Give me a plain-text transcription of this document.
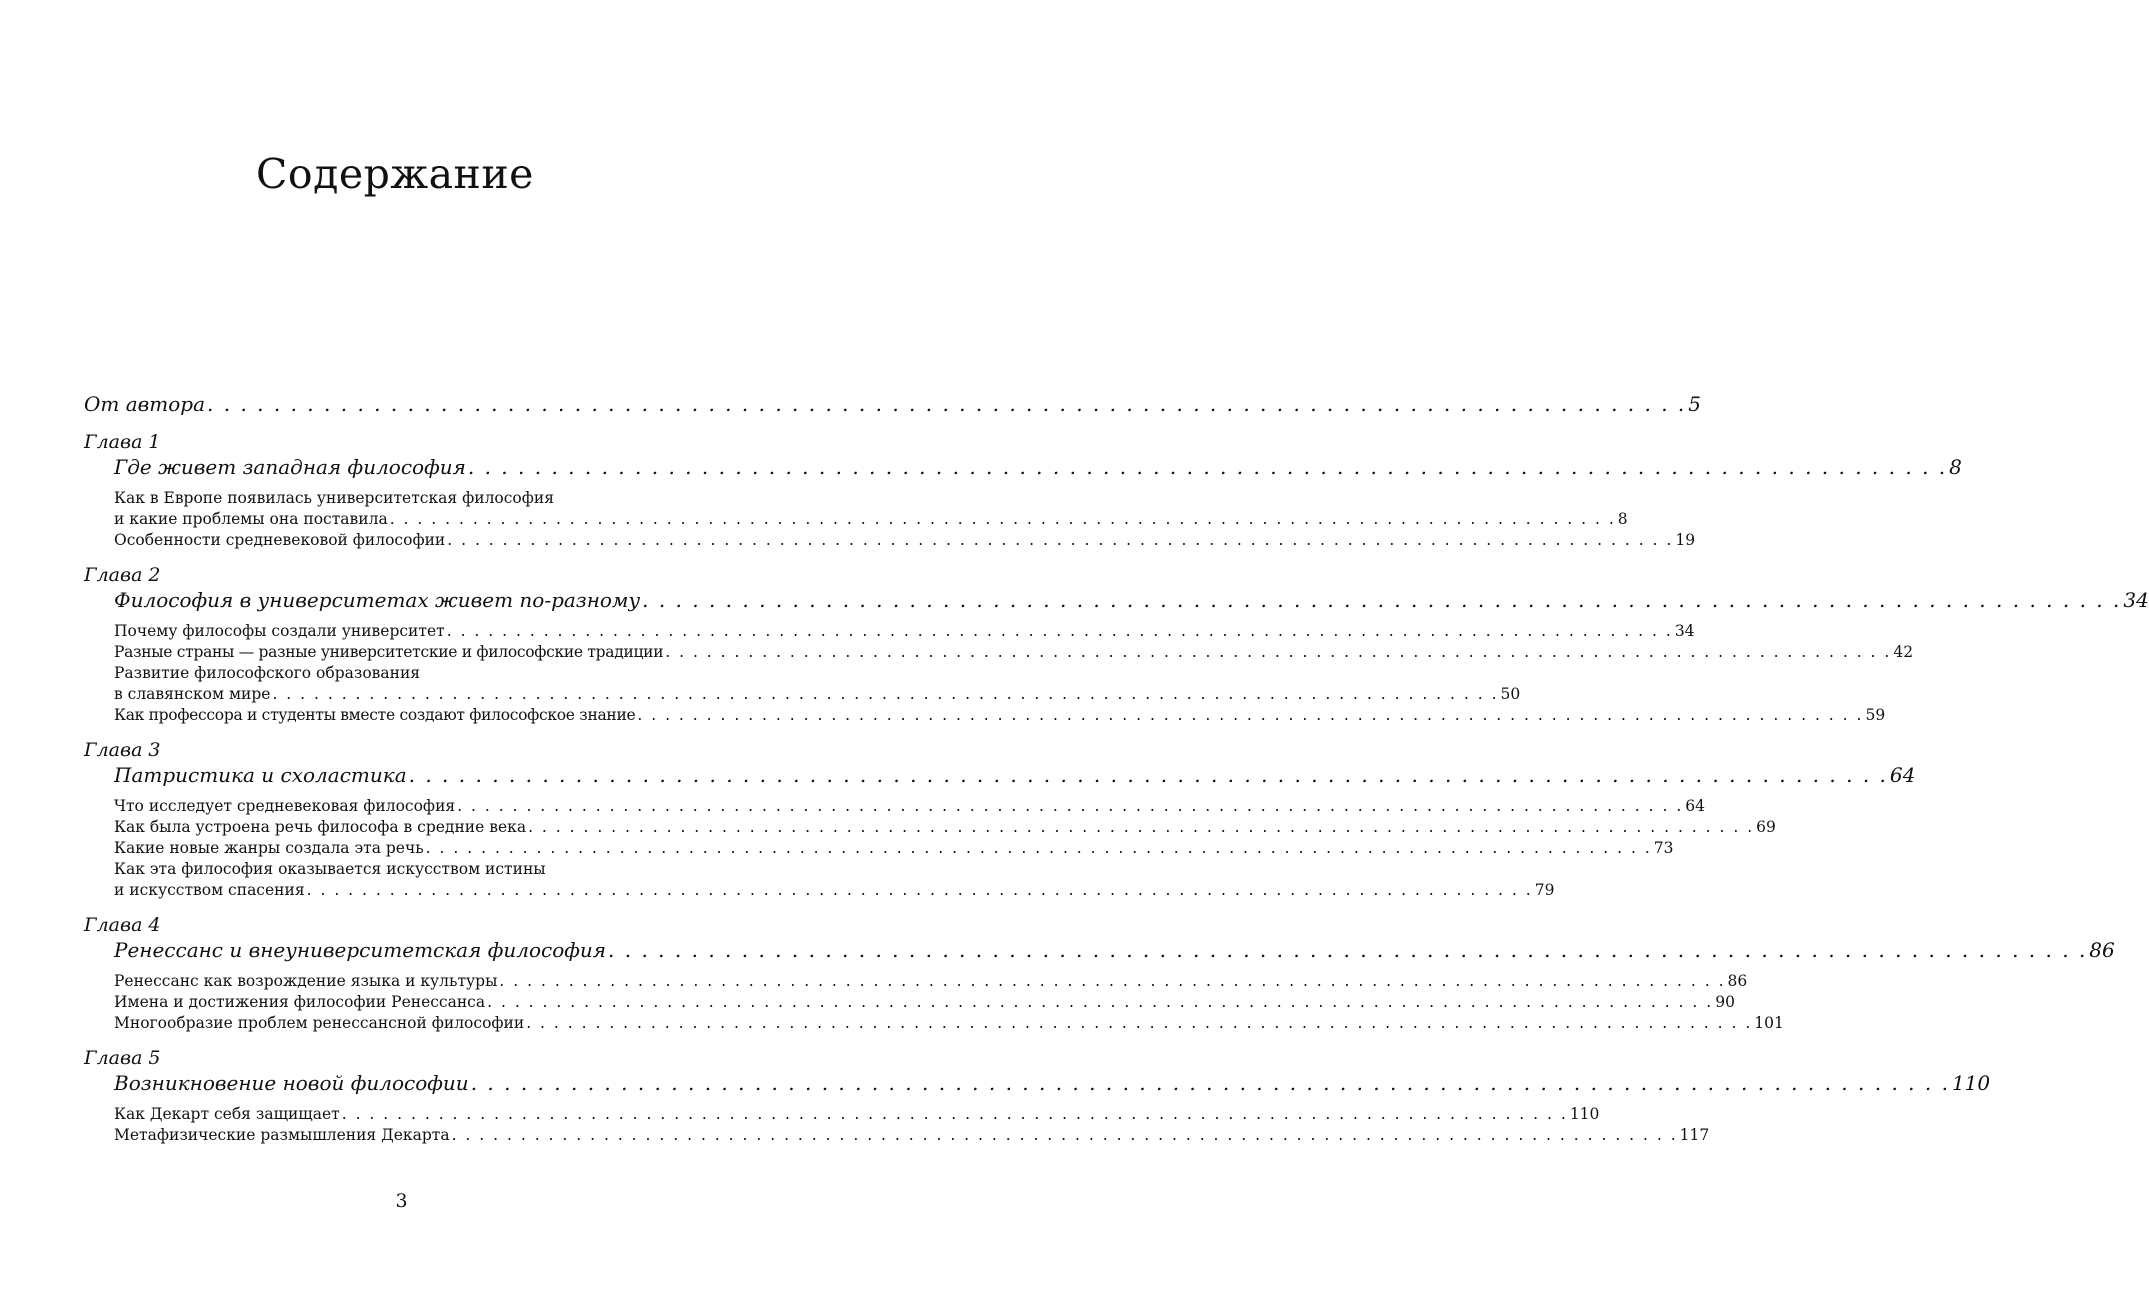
Содержание
От автора . . . . . . . . . . . . . . . . . . . . . . . . . . . . . . . . . . . . . . . . . . . . . . . . . . . . . . . . . . . . . . . . . . . . . . . . . . . . . . . . . . . . . . . . . 5
Глава 1
Где живет западная философия . . . . . . . . . . . . . . . . . . . . . . . . . . . . . . . . . . . . . . . . . . . . . . . . . . . . . . . . . . . . . . . . . . . . . . . . . . . . . . . . . . . . . . . . . 8
Как в Европе появилась университетская философия
и какие проблемы она поставила . . . . . . . . . . . . . . . . . . . . . . . . . . . . . . . . . . . . . . . . . . . . . . . . . . . . . . . . . . . . . . . . . . . . . . . . . . . . . . . . . . . . . . . . . 8
Особенности средневековой философии . . . . . . . . . . . . . . . . . . . . . . . . . . . . . . . . . . . . . . . . . . . . . . . . . . . . . . . . . . . . . . . . . . . . . . . . . . . . . . . . . . . . . . . . . 19
Глава 2
Философия в университетах живет по-разному . . . . . . . . . . . . . . . . . . . . . . . . . . . . . . . . . . . . . . . . . . . . . . . . . . . . . . . . . . . . . . . . . . . . . . . . . . . . . . . . . . . . . . . . . 34
Почему философы создали университет . . . . . . . . . . . . . . . . . . . . . . . . . . . . . . . . . . . . . . . . . . . . . . . . . . . . . . . . . . . . . . . . . . . . . . . . . . . . . . . . . . . . . . . . . 34
Разные страны — разные университетские и философские традиции . . . . . . . . . . . . . . . . . . . . . . . . . . . . . . . . . . . . . . . . . . . . . . . . . . . . . . . . . . . . . . . . . . . . . . . . . . . . . . . . . . . . . . . . . 42
Развитие философского образования
в славянском мире . . . . . . . . . . . . . . . . . . . . . . . . . . . . . . . . . . . . . . . . . . . . . . . . . . . . . . . . . . . . . . . . . . . . . . . . . . . . . . . . . . . . . . . . . 50
Как профессора и студенты вместе создают философское знание . . . . . . . . . . . . . . . . . . . . . . . . . . . . . . . . . . . . . . . . . . . . . . . . . . . . . . . . . . . . . . . . . . . . . . . . . . . . . . . . . . . . . . . . . 59
Глава 3
Патристика и схоластика . . . . . . . . . . . . . . . . . . . . . . . . . . . . . . . . . . . . . . . . . . . . . . . . . . . . . . . . . . . . . . . . . . . . . . . . . . . . . . . . . . . . . . . . . 64
Что исследует средневековая философия . . . . . . . . . . . . . . . . . . . . . . . . . . . . . . . . . . . . . . . . . . . . . . . . . . . . . . . . . . . . . . . . . . . . . . . . . . . . . . . . . . . . . . . . . 64
Как была устроена речь философа в средние века . . . . . . . . . . . . . . . . . . . . . . . . . . . . . . . . . . . . . . . . . . . . . . . . . . . . . . . . . . . . . . . . . . . . . . . . . . . . . . . . . . . . . . . . . 69
Какие новые жанры создала эта речь . . . . . . . . . . . . . . . . . . . . . . . . . . . . . . . . . . . . . . . . . . . . . . . . . . . . . . . . . . . . . . . . . . . . . . . . . . . . . . . . . . . . . . . . . 73
Как эта философия оказывается искусством истины
и искусством спасения . . . . . . . . . . . . . . . . . . . . . . . . . . . . . . . . . . . . . . . . . . . . . . . . . . . . . . . . . . . . . . . . . . . . . . . . . . . . . . . . . . . . . . . . . 79
Глава 4
Ренессанс и внеуниверситетская философия . . . . . . . . . . . . . . . . . . . . . . . . . . . . . . . . . . . . . . . . . . . . . . . . . . . . . . . . . . . . . . . . . . . . . . . . . . . . . . . . . . . . . . . . . 86
Ренессанс как возрождение языка и культуры . . . . . . . . . . . . . . . . . . . . . . . . . . . . . . . . . . . . . . . . . . . . . . . . . . . . . . . . . . . . . . . . . . . . . . . . . . . . . . . . . . . . . . . . . 86
Имена и достижения философии Ренессанса . . . . . . . . . . . . . . . . . . . . . . . . . . . . . . . . . . . . . . . . . . . . . . . . . . . . . . . . . . . . . . . . . . . . . . . . . . . . . . . . . . . . . . . . . 90
Многообразие проблем ренессансной философии . . . . . . . . . . . . . . . . . . . . . . . . . . . . . . . . . . . . . . . . . . . . . . . . . . . . . . . . . . . . . . . . . . . . . . . . . . . . . . . . . . . . . . . . . 101
Глава 5
Возникновение новой философии . . . . . . . . . . . . . . . . . . . . . . . . . . . . . . . . . . . . . . . . . . . . . . . . . . . . . . . . . . . . . . . . . . . . . . . . . . . . . . . . . . . . . . . . . 110
Как Декарт себя защищает . . . . . . . . . . . . . . . . . . . . . . . . . . . . . . . . . . . . . . . . . . . . . . . . . . . . . . . . . . . . . . . . . . . . . . . . . . . . . . . . . . . . . . . . . 110
Метафизические размышления Декарта . . . . . . . . . . . . . . . . . . . . . . . . . . . . . . . . . . . . . . . . . . . . . . . . . . . . . . . . . . . . . . . . . . . . . . . . . . . . . . . . . . . . . . . . . 117
3
